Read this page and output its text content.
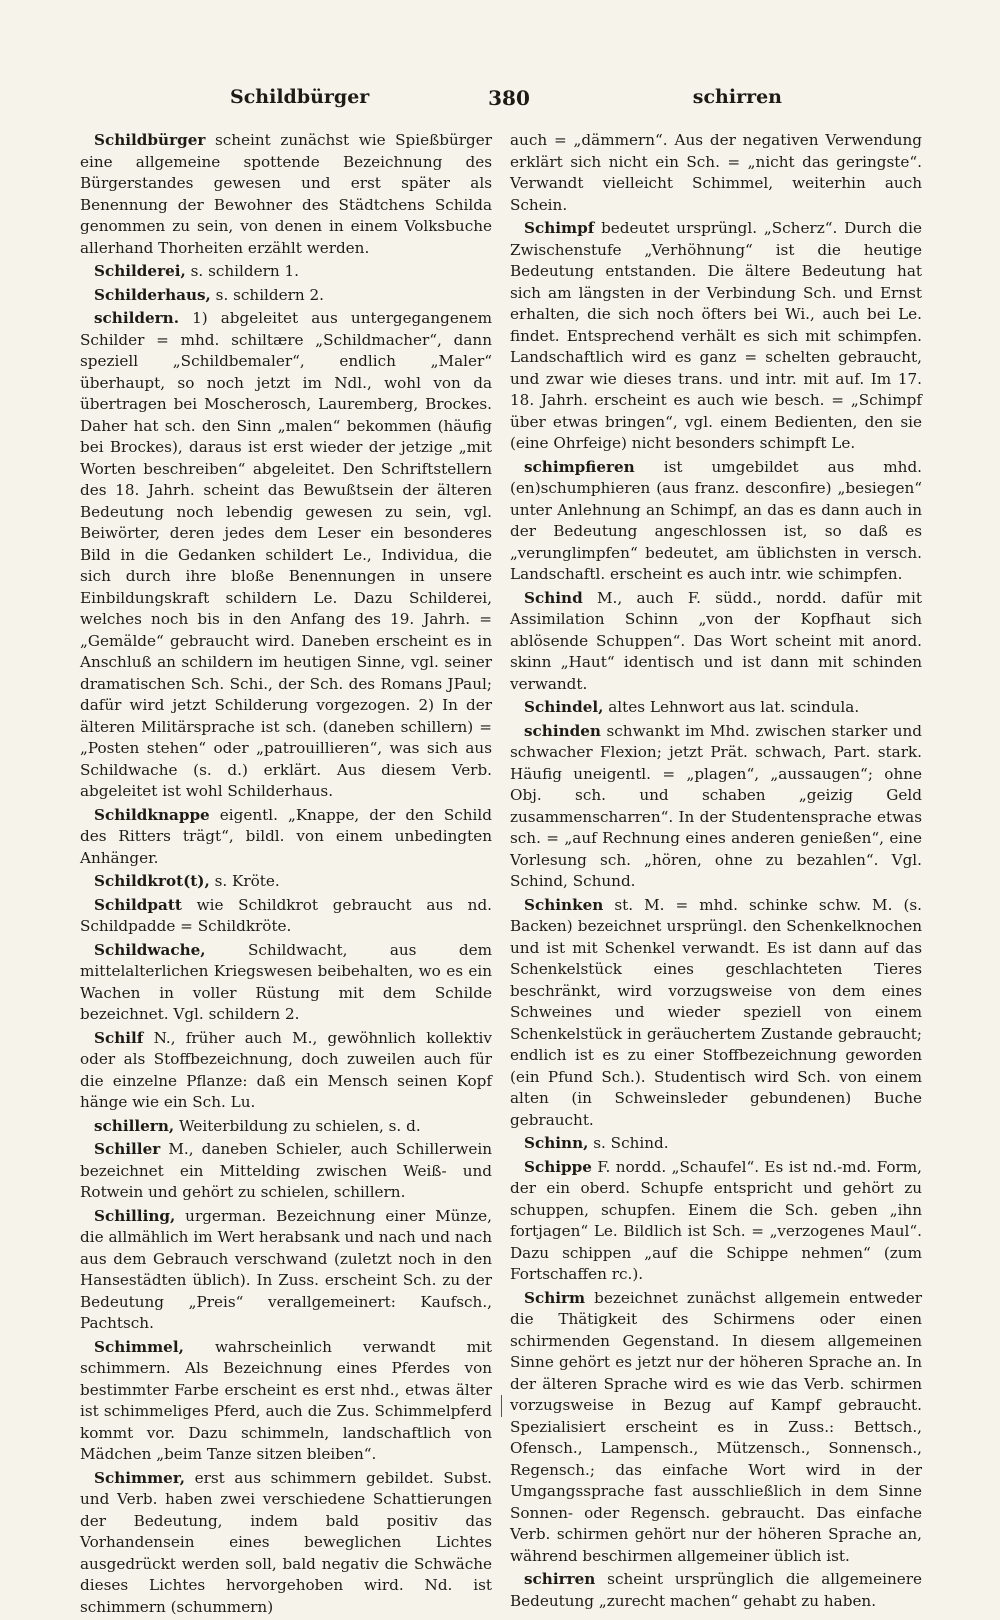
Schildbürger	380	schirren

Schildbürger scheint zunächst wie Spießbürger eine allgemeine spottende Bezeichnung des Bürgerstandes gewesen und erst später als Benennung der Bewohner des Städtchens Schilda genommen zu sein, von denen in einem Volksbuche allerhand Thorheiten erzählt werden.

Schilderei, s. schildern 1.

Schilderhaus, s. schildern 2.

schildern. 1) abgeleitet aus untergegangenem Schilder = mhd. schiltære „Schildmacher“, dann speziell „Schildbemaler“, endlich „Maler“ überhaupt, so noch jetzt im Ndl., wohl von da übertragen bei Moscherosch, Lauremberg, Brockes. Daher hat sch. den Sinn „malen“ bekommen (häufig bei Brockes), daraus ist erst wieder der jetzige „mit Worten beschreiben“ abgeleitet. Den Schriftstellern des 18. Jahrh. scheint das Bewußtsein der älteren Bedeutung noch lebendig gewesen zu sein, vgl. Beiwörter, deren jedes dem Leser ein besonderes Bild in die Gedanken schildert Le., Individua, die sich durch ihre bloße Benennungen in unsere Einbildungskraft schildern Le. Dazu Schilderei, welches noch bis in den Anfang des 19. Jahrh. = „Gemälde“ gebraucht wird. Daneben erscheint es in Anschluß an schildern im heutigen Sinne, vgl. seiner dramatischen Sch. Schi., der Sch. des Romans JPaul; dafür wird jetzt Schilderung vorgezogen. 2) In der älteren Militärsprache ist sch. (daneben schillern) = „Posten stehen“ oder „patrouillieren“, was sich aus Schildwache (s. d.) erklärt. Aus diesem Verb. abgeleitet ist wohl Schilderhaus.

Schildknappe eigentl. „Knappe, der den Schild des Ritters trägt“, bildl. von einem unbedingten Anhänger.

Schildkrot(t), s. Kröte.

Schildpatt wie Schildkrot gebraucht aus nd. Schildpadde = Schildkröte.

Schildwache, Schildwacht, aus dem mittelalterlichen Kriegswesen beibehalten, wo es ein Wachen in voller Rüstung mit dem Schilde bezeichnet. Vgl. schildern 2.

Schilf N., früher auch M., gewöhnlich kollektiv oder als Stoffbezeichnung, doch zuweilen auch für die einzelne Pflanze: daß ein Mensch seinen Kopf hänge wie ein Sch. Lu.

schillern, Weiterbildung zu schielen, s. d.

Schiller M., daneben Schieler, auch Schillerwein bezeichnet ein Mittelding zwischen Weiß- und Rotwein und gehört zu schielen, schillern.

Schilling, urgerman. Bezeichnung einer Münze, die allmählich im Wert herabsank und nach und nach aus dem Gebrauch verschwand (zuletzt noch in den Hansestädten üblich). In Zuss. erscheint Sch. zu der Bedeutung „Preis“ verallgemeinert: Kaufsch., Pachtsch.

Schimmel, wahrscheinlich verwandt mit schimmern. Als Bezeichnung eines Pferdes von bestimmter Farbe erscheint es erst nhd., etwas älter ist schimmeliges Pferd, auch die Zus. Schimmelpferd kommt vor. Dazu schimmeln, landschaftlich von Mädchen „beim Tanze sitzen bleiben“.

Schimmer, erst aus schimmern gebildet. Subst. und Verb. haben zwei verschiedene Schattierungen der Bedeutung, indem bald positiv das Vorhandensein eines beweglichen Lichtes ausgedrückt werden soll, bald negativ die Schwäche dieses Lichtes hervorgehoben wird. Nd. ist schimmern (schummern)

auch = „dämmern“. Aus der negativen Verwendung erklärt sich nicht ein Sch. = „nicht das geringste“. Verwandt vielleicht Schimmel, weiterhin auch Schein.

Schimpf bedeutet ursprüngl. „Scherz“. Durch die Zwischenstufe „Verhöhnung“ ist die heutige Bedeutung entstanden. Die ältere Bedeutung hat sich am längsten in der Verbindung Sch. und Ernst erhalten, die sich noch öfters bei Wi., auch bei Le. findet. Entsprechend verhält es sich mit schimpfen. Landschaftlich wird es ganz = schelten gebraucht, und zwar wie dieses trans. und intr. mit auf. Im 17. 18. Jahrh. erscheint es auch wie besch. = „Schimpf über etwas bringen“, vgl. einem Bedienten, den sie (eine Ohrfeige) nicht besonders schimpft Le.

schimpfieren ist umgebildet aus mhd. (en)schumphieren (aus franz. desconfire) „besiegen“ unter Anlehnung an Schimpf, an das es dann auch in der Bedeutung angeschlossen ist, so daß es „verunglimpfen“ bedeutet, am üblichsten in versch. Landschaftl. erscheint es auch intr. wie schimpfen.

Schind M., auch F. südd., nordd. dafür mit Assimilation Schinn „von der Kopfhaut sich ablösende Schuppen“. Das Wort scheint mit anord. skinn „Haut“ identisch und ist dann mit schinden verwandt.

Schindel, altes Lehnwort aus lat. scindula.

schinden schwankt im Mhd. zwischen starker und schwacher Flexion; jetzt Prät. schwach, Part. stark. Häufig uneigentl. = „plagen“, „aussaugen“; ohne Obj. sch. und schaben „geizig Geld zusammenscharren“. In der Studentensprache etwas sch. = „auf Rechnung eines anderen genießen“, eine Vorlesung sch. „hören, ohne zu bezahlen“. Vgl. Schind, Schund.

Schinken st. M. = mhd. schinke schw. M. (s. Backen) bezeichnet ursprüngl. den Schenkelknochen und ist mit Schenkel verwandt. Es ist dann auf das Schenkelstück eines geschlachteten Tieres beschränkt, wird vorzugsweise von dem eines Schweines und wieder speziell von einem Schenkelstück in geräuchertem Zustande gebraucht; endlich ist es zu einer Stoffbezeichnung geworden (ein Pfund Sch.). Studentisch wird Sch. von einem alten (in Schweinsleder gebundenen) Buche gebraucht.

Schinn, s. Schind.

Schippe F. nordd. „Schaufel“. Es ist nd.-md. Form, der ein oberd. Schupfe entspricht und gehört zu schuppen, schupfen. Einem die Sch. geben „ihn fortjagen“ Le. Bildlich ist Sch. = „verzogenes Maul“. Dazu schippen „auf die Schippe nehmen“ (zum Fortschaffen rc.).

Schirm bezeichnet zunächst allgemein entweder die Thätigkeit des Schirmens oder einen schirmenden Gegenstand. In diesem allgemeinen Sinne gehört es jetzt nur der höheren Sprache an. In der älteren Sprache wird es wie das Verb. schirmen vorzugsweise in Bezug auf Kampf gebraucht. Spezialisiert erscheint es in Zuss.: Bettsch., Ofensch., Lampensch., Mützensch., Sonnensch., Regensch.; das einfache Wort wird in der Umgangssprache fast ausschließlich in dem Sinne Sonnen- oder Regensch. gebraucht. Das einfache Verb. schirmen gehört nur der höheren Sprache an, während beschirmen allgemeiner üblich ist.

schirren scheint ursprünglich die allgemeinere Bedeutung „zurecht machen“ gehabt zu haben.
